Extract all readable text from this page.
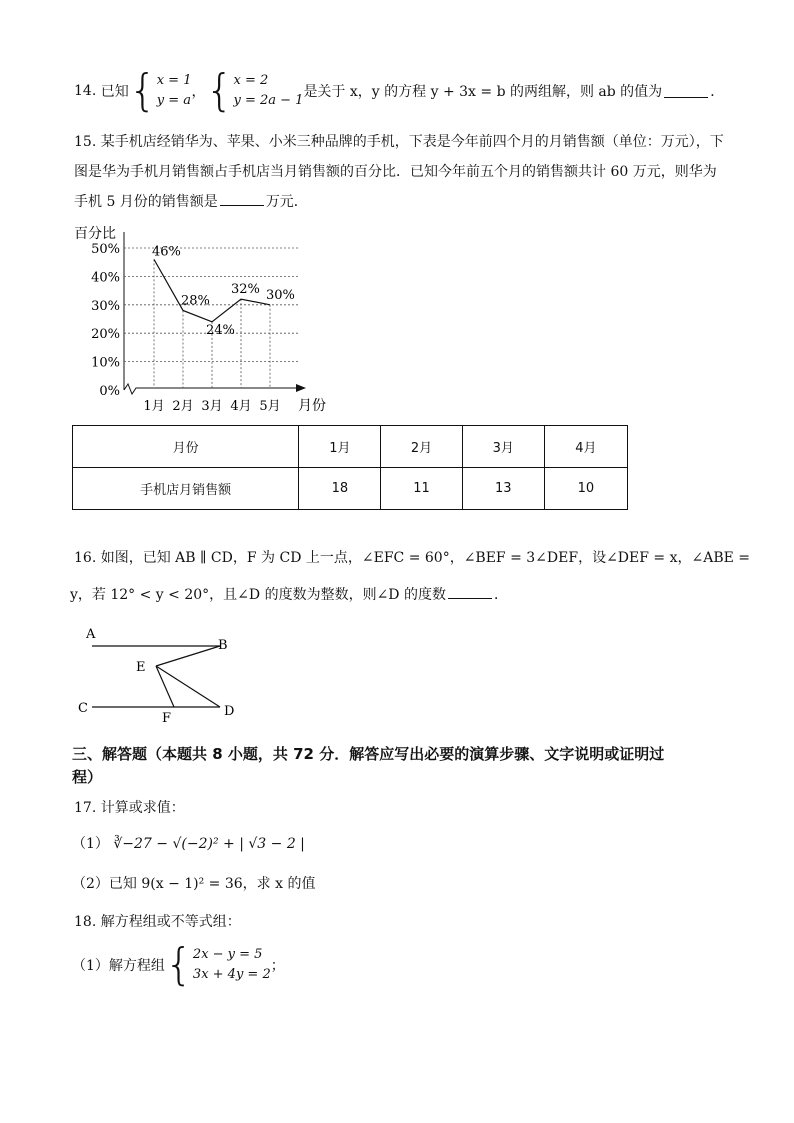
14.
已知 { x = 1
y = a
， { x = 2
y = 2a − 1
是关于 x，y 的方程 y + 3x = b 的两组解，则 ab 的值为	．
15. 某手机店经销华为、苹果、小米三种品牌的手机，下表是今年前四个月的月销售额（单位：万元），下
图是华为手机月销售额占手机店当月销售额的百分比．已知今年前五个月的销售额共计 60 万元，则华为
手机 5 月份的销售额是	万元．
0%
10%
20%
30%
40%
50%
1月 2月 3月 4月 5月
46%
28%
24%
32% 30%
百分比
月份
月份	1月	2月	3月	4月
手机店月销售额	18	11	13	10
16. 如图，已知 AB ∥ CD，F 为 CD 上一点，∠EFC = 60°，∠BEF = 3∠DEF，设∠DEF = x，∠ABE =
y，若 12° < y < 20°，且∠D 的度数为整数，则∠D 的度数	．
A
B
E
C
F	D
三、解答题（本题共 8 小题，共 72 分．解答应写出必要的演算步骤、文字说明或证明过
程）
17. 计算或求值：
（1） ∛−27 − √(−2)² + | √3 − 2 |
（2）已知 9(x − 1)² = 36，求 x 的值
18. 解方程组或不等式组：
（1）解方程组 { 2x − y = 5
3x + 4y = 2
；
